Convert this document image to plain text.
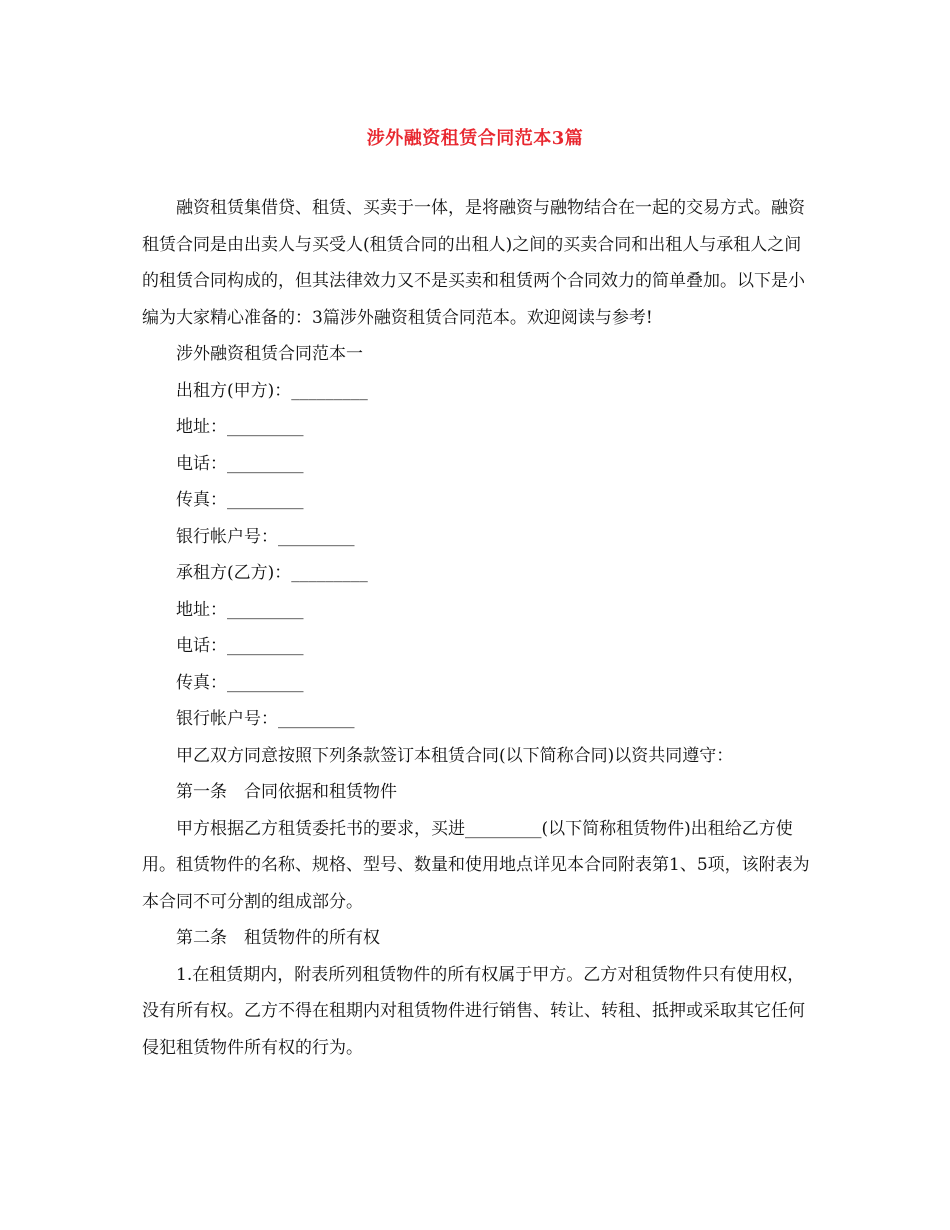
涉外融资租赁合同范本3篇

融资租赁集借贷、租赁、买卖于一体，是将融资与融物结合在一起的交易方式。融资租赁合同是由出卖人与买受人(租赁合同的出租人)之间的买卖合同和出租人与承租人之间的租赁合同构成的，但其法律效力又不是买卖和租赁两个合同效力的简单叠加。以下是小编为大家精心准备的：3篇涉外融资租赁合同范本。欢迎阅读与参考!

涉外融资租赁合同范本一

出租方(甲方)：_________

地址：_________

电话：_________

传真：_________

银行帐户号：_________

承租方(乙方)：_________

地址：_________

电话：_________

传真：_________

银行帐户号：_________

甲乙双方同意按照下列条款签订本租赁合同(以下简称合同)以资共同遵守：

第一条　合同依据和租赁物件

甲方根据乙方租赁委托书的要求，买进_________(以下简称租赁物件)出租给乙方使用。租赁物件的名称、规格、型号、数量和使用地点详见本合同附表第1、5项，该附表为本合同不可分割的组成部分。

第二条　租赁物件的所有权

1.在租赁期内，附表所列租赁物件的所有权属于甲方。乙方对租赁物件只有使用权，没有所有权。乙方不得在租期内对租赁物件进行销售、转让、转租、抵押或采取其它任何侵犯租赁物件所有权的行为。
